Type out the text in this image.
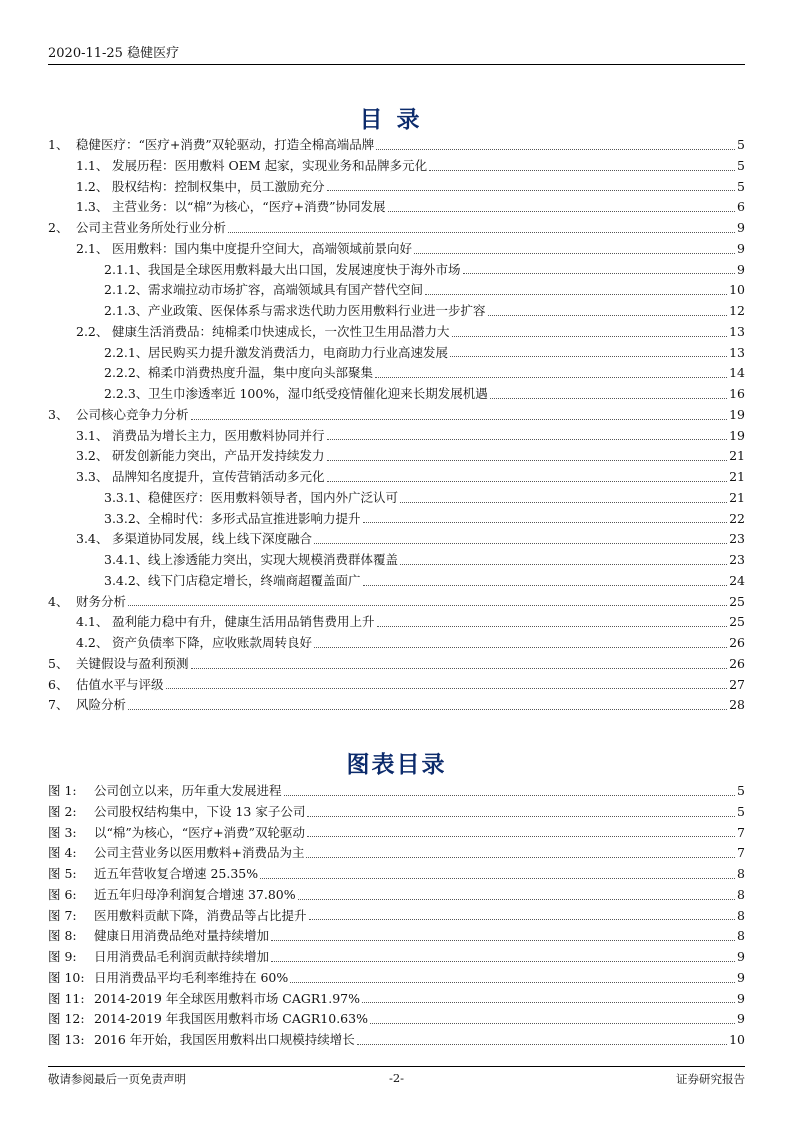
2020-11-25 稳健医疗
目录
1、 稳健医疗：“医疗+消费”双轮驱动，打造全棉高端品牌	5
1.1、 发展历程：医用敷料 OEM 起家，实现业务和品牌多元化	5
1.2、 股权结构：控制权集中，员工激励充分	5
1.3、 主营业务：以“棉”为核心，“医疗+消费”协同发展	6
2、 公司主营业务所处行业分析	9
2.1、 医用敷料：国内集中度提升空间大，高端领域前景向好	9
2.1.1、 我国是全球医用敷料最大出口国，发展速度快于海外市场	9
2.1.2、 需求端拉动市场扩容，高端领域具有国产替代空间	10
2.1.3、 产业政策、医保体系与需求迭代助力医用敷料行业进一步扩容	12
2.2、 健康生活消费品：纯棉柔巾快速成长，一次性卫生用品潜力大	13
2.2.1、 居民购买力提升激发消费活力，电商助力行业高速发展	13
2.2.2、 棉柔巾消费热度升温，集中度向头部聚集	14
2.2.3、 卫生巾渗透率近 100%，湿巾纸受疫情催化迎来长期发展机遇	16
3、 公司核心竞争力分析	19
3.1、 消费品为增长主力，医用敷料协同并行	19
3.2、 研发创新能力突出，产品开发持续发力	21
3.3、 品牌知名度提升，宣传营销活动多元化	21
3.3.1、 稳健医疗：医用敷料领导者，国内外广泛认可	21
3.3.2、 全棉时代：多形式品宣推进影响力提升	22
3.4、 多渠道协同发展，线上线下深度融合	23
3.4.1、 线上渗透能力突出，实现大规模消费群体覆盖	23
3.4.2、 线下门店稳定增长，终端商超覆盖面广	24
4、 财务分析	25
4.1、 盈利能力稳中有升，健康生活用品销售费用上升	25
4.2、 资产负债率下降，应收账款周转良好	26
5、 关键假设与盈利预测	26
6、 估值水平与评级	27
7、 风险分析	28
图表目录
图 1:	公司创立以来，历年重大发展进程	5
图 2:	公司股权结构集中，下设 13 家子公司	5
图 3:	以“棉”为核心，“医疗+消费”双轮驱动	7
图 4:	公司主营业务以医用敷料+消费品为主	7
图 5:	近五年营收复合增速 25.35%	8
图 6:	近五年归母净利润复合增速 37.80%	8
图 7:	医用敷料贡献下降，消费品等占比提升	8
图 8:	健康日用消费品绝对量持续增加	8
图 9:	日用消费品毛利润贡献持续增加	9
图 10: 日用消费品平均毛利率维持在 60%	9
图 11: 2014-2019 年全球医用敷料市场 CAGR1.97%	9
图 12: 2014-2019 年我国医用敷料市场 CAGR10.63%	9
图 13: 2016 年开始，我国医用敷料出口规模持续增长	10
敬请参阅最后一页免责声明	-2-	证券研究报告
